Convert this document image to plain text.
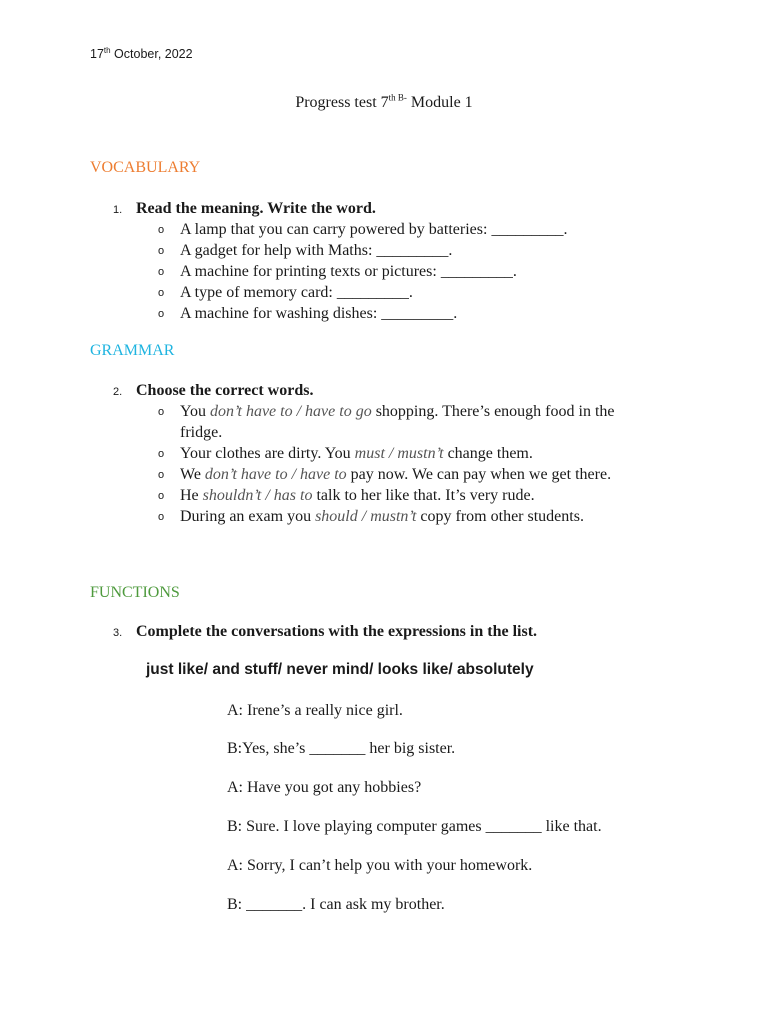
17th October, 2022
Progress test $7^{th B-}$ Module 1
VOCABULARY
1. Read the meaning. Write the word.
o A lamp that you can carry powered by batteries: _________.
o A gadget for help with Maths: _________.
o A machine for printing texts or pictures: _________.
o A type of memory card: _________.
o A machine for washing dishes: _________.
GRAMMAR
2. Choose the correct words.
o You don’t have to / have to go shopping. There’s enough food in the
fridge.
o Your clothes are dirty. You must / mustn’t change them.
o We don’t have to / have to pay now. We can pay when we get there.
o He shouldn’t / has to talk to her like that. It’s very rude.
o During an exam you should / mustn’t copy from other students.
FUNCTIONS
3. Complete the conversations with the expressions in the list.
just like/ and stuff/ never mind/ looks like/ absolutely
A: Irene’s a really nice girl.
B:Yes, she’s _______ her big sister.
A: Have you got any hobbies?
B: Sure. I love playing computer games _______ like that.
A: Sorry, I can’t help you with your homework.
B: _______. I can ask my brother.
